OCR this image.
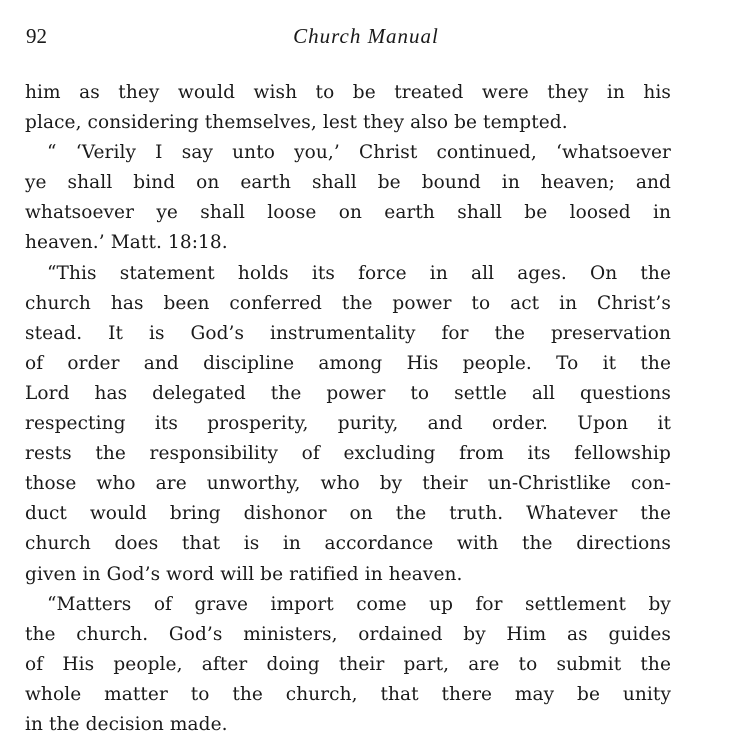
92	Church Manual
him as they would wish to be treated were they in his
place, considering themselves, lest they also be tempted.
“ ‘Verily I say unto you,’ Christ continued, ‘whatsoever
ye shall bind on earth shall be bound in heaven; and
whatsoever ye shall loose on earth shall be loosed in
heaven.’ Matt. 18:18.
“This statement holds its force in all ages. On the
church has been conferred the power to act in Christ’s
stead. It is God’s instrumentality for the preservation
of order and discipline among His people. To it the
Lord has delegated the power to settle all questions
respecting its prosperity, purity, and order. Upon it
rests the responsibility of excluding from its fellowship
those who are unworthy, who by their un-Christlike con-
duct would bring dishonor on the truth. Whatever the
church does that is in accordance with the directions
given in God’s word will be ratified in heaven.
“Matters of grave import come up for settlement by
the church. God’s ministers, ordained by Him as guides
of His people, after doing their part, are to submit the
whole matter to the church, that there may be unity
in the decision made.
